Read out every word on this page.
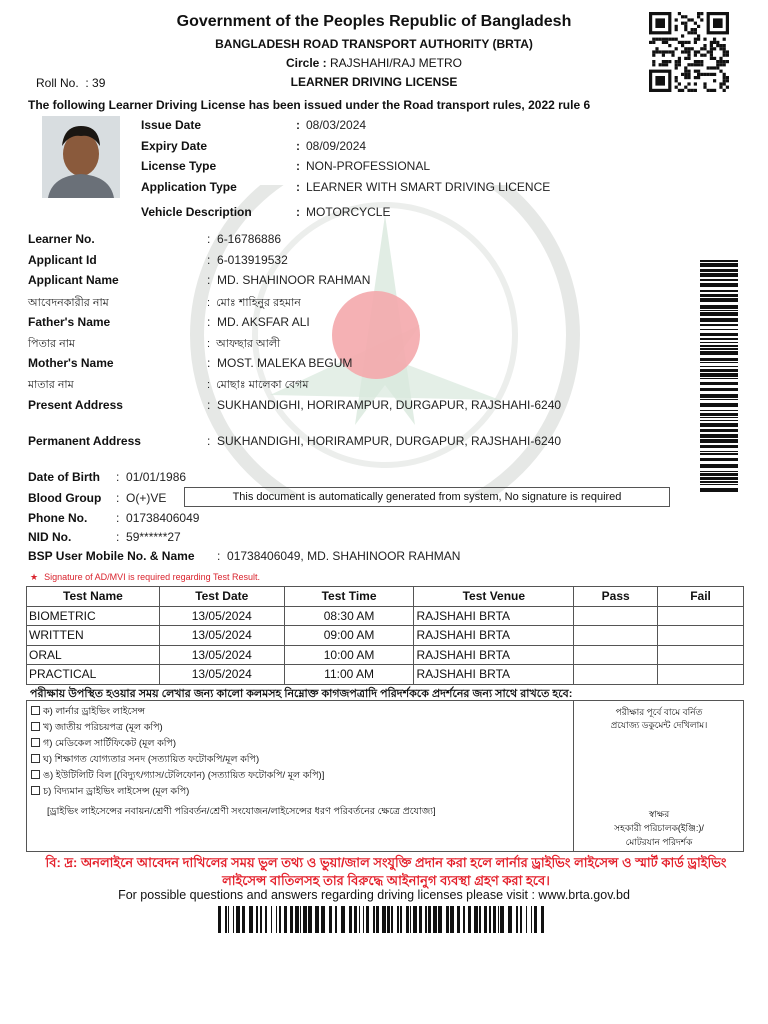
Government of the Peoples Republic of Bangladesh
BANGLADESH ROAD TRANSPORT AUTHORITY (BRTA)
Circle : RAJSHAHI/RAJ METRO
LEARNER DRIVING LICENSE
Roll No.  : 39
The following Learner Driving License has been issued under the Road transport rules, 2022 rule 6
Issue Date	: 08/03/2024
Expiry Date	: 08/09/2024
License Type	: NON-PROFESSIONAL
Application Type	: LEARNER WITH SMART DRIVING LICENCE
Vehicle Description	: MOTORCYCLE
Learner No.	:  6-16786886
Applicant Id	:  6-013919532
Applicant Name	:  MD. SHAHINOOR RAHMAN
আবেদনকারীর নাম	:  মোঃ শাহিনুর রহমান
Father's Name	:  MD. AKSFAR ALI
পিতার নাম	:  আফছার আলী
Mother's Name	:  MOST. MALEKA BEGUM
মাতার নাম	:  মোছাঃ মালেকা বেগম
Present Address	:  SUKHANDIGHI, HORIRAMPUR, DURGAPUR, RAJSHAHI-6240
Permanent Address	:  SUKHANDIGHI, HORIRAMPUR, DURGAPUR, RAJSHAHI-6240
Date of Birth :  01/01/1986
Blood Group :  O(+)VE
Phone No. :  01738406049
NID No.	:  59******27
BSP User Mobile No. & Name :  01738406049, MD. SHAHINOOR RAHMAN
This document is automatically generated from system, No signature is required
★ Signature of AD/MVI is required regarding Test Result.
Test Name	Test Date	Test Time	Test Venue	Pass	Fail
BIOMETRIC	13/05/2024	08:30 AM	RAJSHAHI BRTA		
WRITTEN	13/05/2024	09:00 AM	RAJSHAHI BRTA		
ORAL	13/05/2024	10:00 AM	RAJSHAHI BRTA		
PRACTICAL	13/05/2024	11:00 AM	RAJSHAHI BRTA		
পরীক্ষায় উপস্থিত হওয়ার সময় লেখার জন্য কালো কলমসহ নিম্নোক্ত কাগজপত্রাদি পরিদর্শককে প্রদর্শনের জন্য সাথে রাখতে হবে:
ক) লার্নার ড্রাইভিং লাইসেন্স
খ) জাতীয় পরিচয়পত্র (মূল কপি)
গ) মেডিকেল সার্টিফিকেট (মূল কপি)
ঘ) শিক্ষাগত যোগ্যতার সনদ (সত্যায়িত ফটোকপি/মূল কপি)
ঙ) ইউটিলিটি বিল [(বিদ্যুৎ/গ্যাস/টেলিফোন) (সত্যায়িত ফটোকপি/ মূল কপি)]
চ) বিদ্যমান ড্রাইভিং লাইসেন্স (মূল কপি)
[ড্রাইভিং লাইসেন্সের নবায়ন/শ্রেণী পরিবর্তন/শ্রেণী সংযোজন/লাইসেন্সের ধরণ পরিবর্তনের ক্ষেত্রে প্রযোজ্য]
পরীক্ষার পূর্বে বামে বর্নিত
প্রযোজ্য ডকুমেন্ট দেখিলাম।
স্বাক্ষর
সহকারী পরিচালক(ইঞ্জি:)/
মোটরযান পরিদর্শক
বি: দ্র: অনলাইনে আবেদন দাখিলের সময় ভুল তথ্য ও ভুয়া/জাল সংযুক্তি প্রদান করা হলে লার্নার ড্রাইভিং লাইসেন্স ও স্মার্ট কার্ড ড্রাইভিং লাইসেন্স বাতিলসহ তার বিরুদ্ধে আইনানুগ ব্যবস্থা গ্রহণ করা হবে।
For possible questions and answers regarding driving licenses please visit : www.brta.gov.bd
